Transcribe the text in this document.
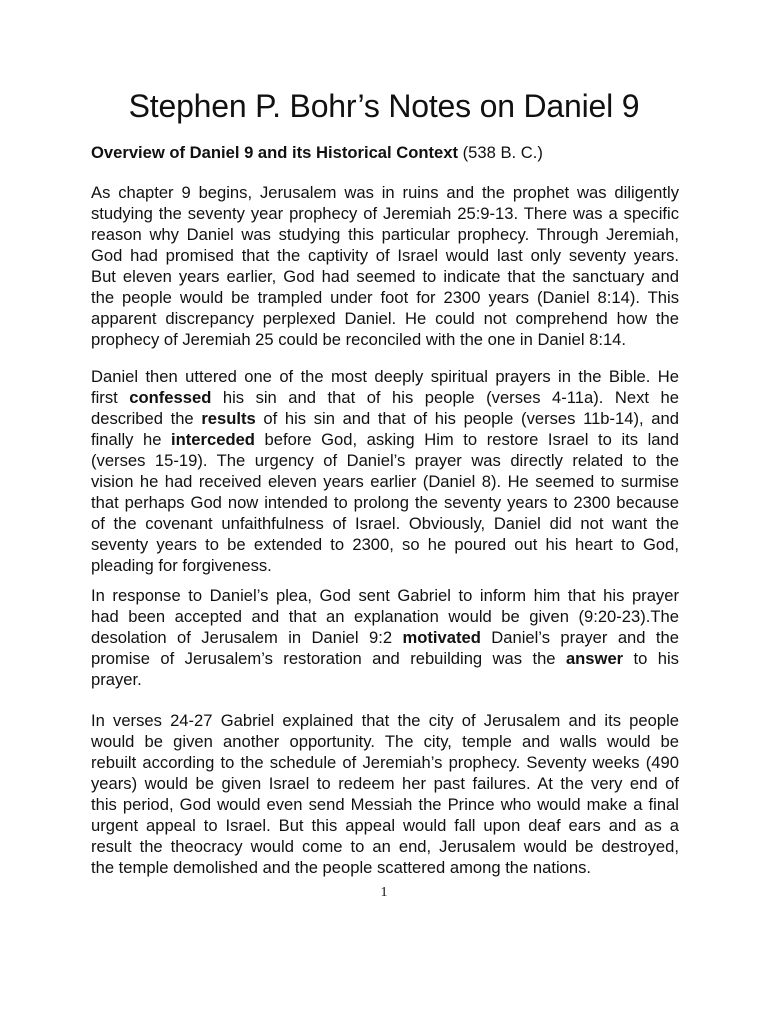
Stephen P. Bohr’s Notes on Daniel 9

Overview of Daniel 9 and its Historical Context (538 B. C.)

As chapter 9 begins, Jerusalem was in ruins and the prophet was diligently
studying the seventy year prophecy of Jeremiah 25:9-13. There was a specific
reason why Daniel was studying this particular prophecy. Through Jeremiah,
God had promised that the captivity of Israel would last only seventy years.
But eleven years earlier, God had seemed to indicate that the sanctuary and
the people would be trampled under foot for 2300 years (Daniel 8:14). This
apparent discrepancy perplexed Daniel. He could not comprehend how the
prophecy of Jeremiah 25 could be reconciled with the one in Daniel 8:14.

Daniel then uttered one of the most deeply spiritual prayers in the Bible. He
first confessed his sin and that of his people (verses 4-11a). Next he
described the results of his sin and that of his people (verses 11b-14), and
finally he interceded before God, asking Him to restore Israel to its land
(verses 15-19). The urgency of Daniel’s prayer was directly related to the
vision he had received eleven years earlier (Daniel 8). He seemed to surmise
that perhaps God now intended to prolong the seventy years to 2300 because
of the covenant unfaithfulness of Israel. Obviously, Daniel did not want the
seventy years to be extended to 2300, so he poured out his heart to God,
pleading for forgiveness.

In response to Daniel’s plea, God sent Gabriel to inform him that his prayer
had been accepted and that an explanation would be given (9:20-23).The
desolation of Jerusalem in Daniel 9:2 motivated Daniel’s prayer and the
promise of Jerusalem’s restoration and rebuilding was the answer to his
prayer.

In verses 24-27 Gabriel explained that the city of Jerusalem and its people
would be given another opportunity. The city, temple and walls would be
rebuilt according to the schedule of Jeremiah’s prophecy. Seventy weeks (490
years) would be given Israel to redeem her past failures. At the very end of
this period, God would even send Messiah the Prince who would make a final
urgent appeal to Israel. But this appeal would fall upon deaf ears and as a
result the theocracy would come to an end, Jerusalem would be destroyed,
the temple demolished and the people scattered among the nations.

1
